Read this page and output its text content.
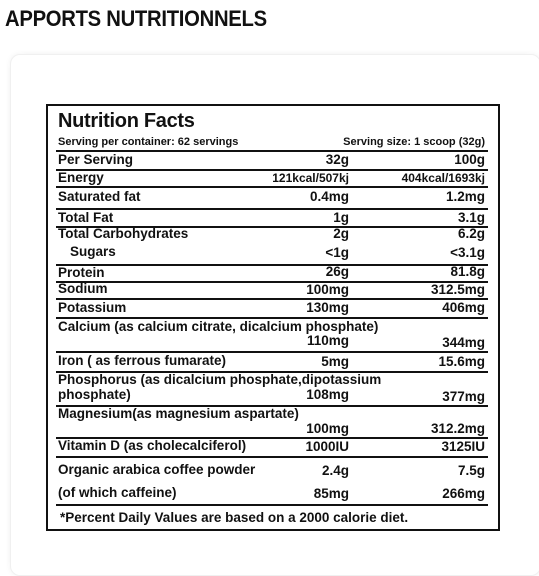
APPORTS NUTRITIONNELS
Nutrition Facts
Serving per container: 62 servings	Serving size: 1 scoop (32g)
Per Serving	32g	100g
Energy	121kcal/507kj	404kcal/1693kj
Saturated fat	0.4mg	1.2mg
Total Fat	1g	3.1g
Total Carbohydrates	2g	6.2g
Sugars	<1g	<3.1g
Protein	26g	81.8g
Sodium	100mg	312.5mg
Potassium	130mg	406mg
Calcium (as calcium citrate, dicalcium phosphate)
110mg	344mg
Iron ( as ferrous fumarate)	5mg	15.6mg
Phosphorus (as dicalcium phosphate,dipotassium
phosphate)	108mg	377mg
Magnesium(as magnesium aspartate)
100mg	312.2mg
Vitamin D (as cholecalciferol)	1000IU	3125IU
Organic arabica coffee powder	2.4g	7.5g
(of which caffeine)	85mg	266mg
*Percent Daily Values are based on a 2000 calorie diet.
